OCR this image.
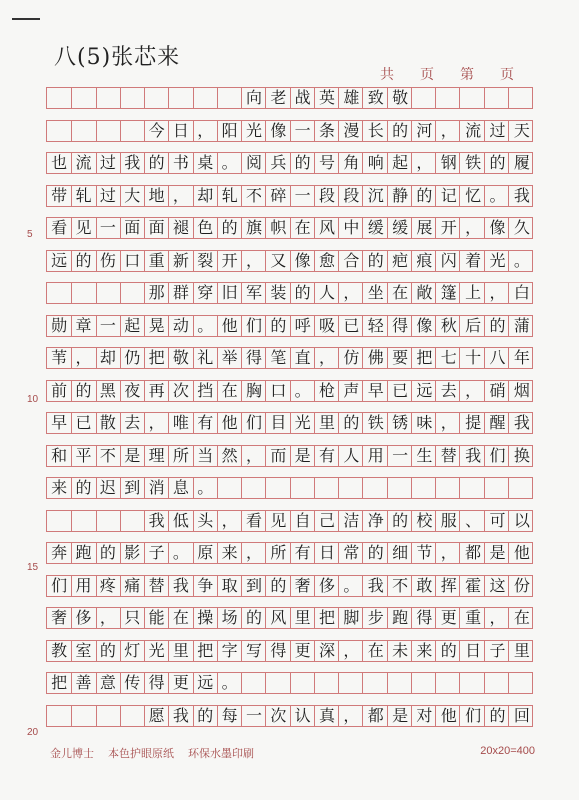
八(5)张芯来
共 页 第 页
向 老 战 英 雄 致 敬
今 日 ， 阳 光 像 一 条 漫 长 的 河 ， 流 过 天
也 流 过 我 的 书 桌 。 阅 兵 的 号 角 响 起 ， 钢 铁 的 履
带 轧 过 大 地 ， 却 轧 不 碎 一 段 段 沉 静 的 记 忆 。 我
看 见 一 面 面 褪 色 的 旗 帜 在 风 中 缓 缓 展 开 ， 像 久
远 的 伤 口 重 新 裂 开 ， 又 像 愈 合 的 疤 痕 闪 着 光 。
那 群 穿 旧 军 装 的 人 ， 坐 在 敞 篷 上 ， 白
勋 章 一 起 晃 动 。 他 们 的 呼 吸 已 轻 得 像 秋 后 的 蒲
苇 ， 却 仍 把 敬 礼 举 得 笔 直 ， 仿 佛 要 把 七 十 八 年
前 的 黑 夜 再 次 挡 在 胸 口 。 枪 声 早 已 远 去 ， 硝 烟
早 已 散 去 ， 唯 有 他 们 目 光 里 的 铁 锈 味 ， 提 醒 我
和 平 不 是 理 所 当 然 ， 而 是 有 人 用 一 生 替 我 们 换
来 的 迟 到 消 息 。
我 低 头 ， 看 见 自 己 洁 净 的 校 服 、 可 以
奔 跑 的 影 子 。 原 来 ， 所 有 日 常 的 细 节 ， 都 是 他
们 用 疼 痛 替 我 争 取 到 的 奢 侈 。 我 不 敢 挥 霍 这 份
奢 侈 ， 只 能 在 操 场 的 风 里 把 脚 步 跑 得 更 重 ， 在
教 室 的 灯 光 里 把 字 写 得 更 深 ， 在 未 来 的 日 子 里
把 善 意 传 得 更 远 。
愿 我 的 每 一 次 认 真 ， 都 是 对 他 们 的 回
5
10
15
20
金儿博士 本色护眼原纸 环保水墨印刷	20x20=400
